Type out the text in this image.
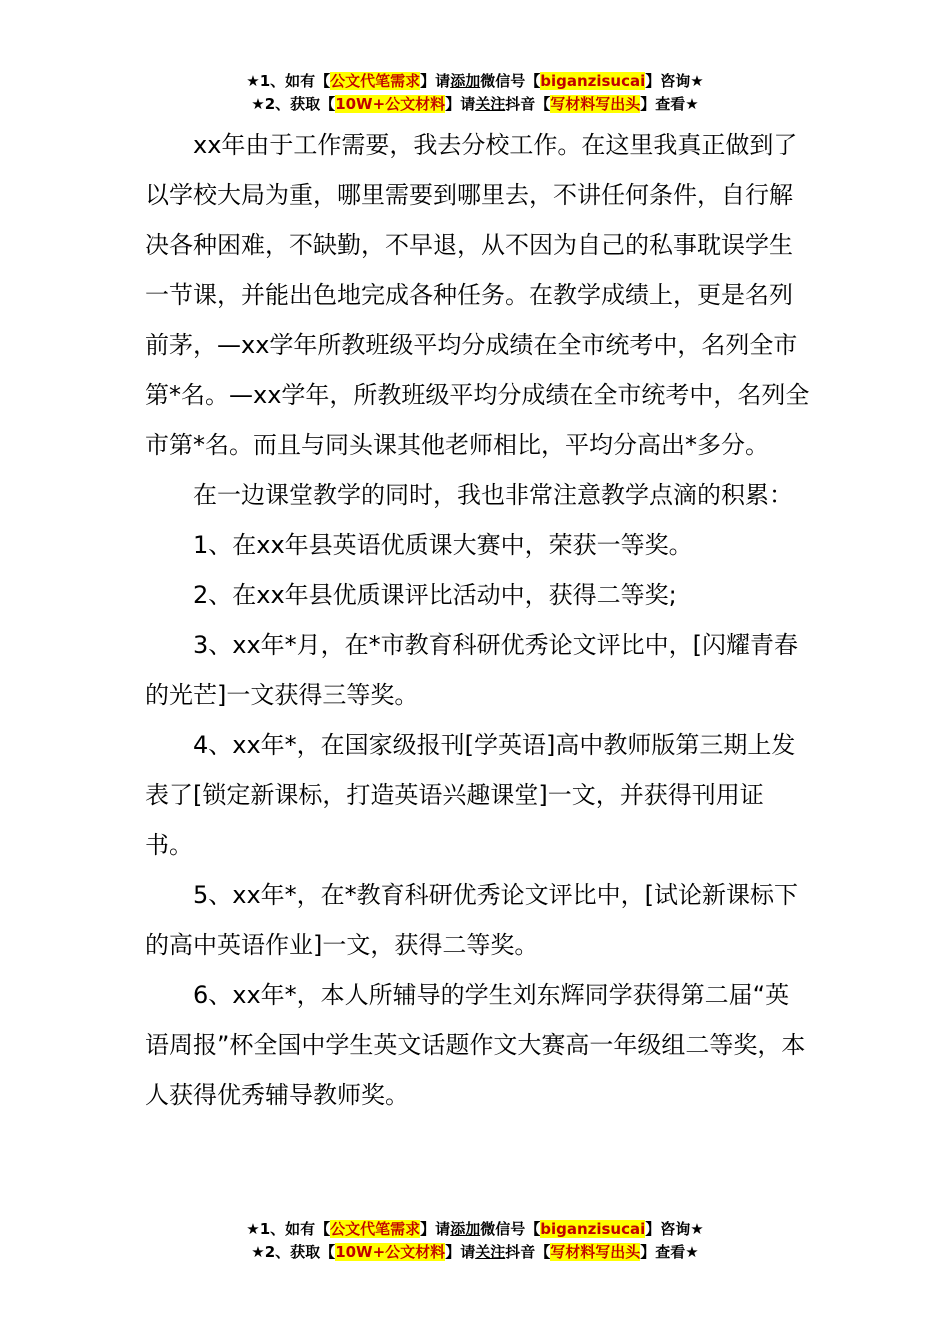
★1、如有【公文代笔需求】请添加微信号【biganzisucai】咨询★
★2、获取【10W+公文材料】请关注抖音【写材料写出头】查看★

xx年由于工作需要，我去分校工作。在这里我真正做到了以学校大局为重，哪里需要到哪里去，不讲任何条件，自行解决各种困难，不缺勤，不早退，从不因为自己的私事耽误学生一节课，并能出色地完成各种任务。在教学成绩上，更是名列前茅，—xx学年所教班级平均分成绩在全市统考中，名列全市第*名。—xx学年，所教班级平均分成绩在全市统考中，名列全市第*名。而且与同头课其他老师相比，平均分高出*多分。

在一边课堂教学的同时，我也非常注意教学点滴的积累：

1、在xx年县英语优质课大赛中，荣获一等奖。

2、在xx年县优质课评比活动中，获得二等奖;

3、xx年*月，在*市教育科研优秀论文评比中，[闪耀青春的光芒]一文获得三等奖。

4、xx年*，在国家级报刊[学英语]高中教师版第三期上发表了[锁定新课标，打造英语兴趣课堂]一文，并获得刊用证书。

5、xx年*，在*教育科研优秀论文评比中，[试论新课标下的高中英语作业]一文，获得二等奖。

6、xx年*，本人所辅导的学生刘东辉同学获得第二届“英语周报”杯全国中学生英文话题作文大赛高一年级组二等奖，本人获得优秀辅导教师奖。

★1、如有【公文代笔需求】请添加微信号【biganzisucai】咨询★
★2、获取【10W+公文材料】请关注抖音【写材料写出头】查看★
